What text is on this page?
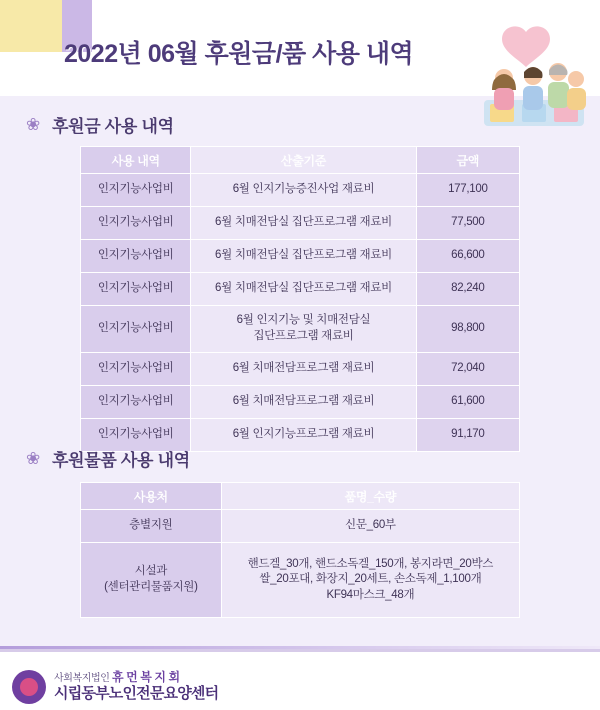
2022년 06월 후원금/품 사용 내역
❀ 후원금 사용 내역
사용 내역	산출기준	금액
인지기능사업비	6월 인지기능증진사업 재료비	177,100
인지기능사업비	6월 치매전담실 집단프로그램 재료비	77,500
인지기능사업비	6월 치매전담실 집단프로그램 재료비	66,600
인지기능사업비	6월 치매전담실 집단프로그램 재료비	82,240
인지기능사업비	6월 인지기능 및 치매전담실
집단프로그램 재료비	98,800
인지기능사업비	6월 치매전담프로그램 재료비	72,040
인지기능사업비	6월 치매전담프로그램 재료비	61,600
인지기능사업비	6월 인지기능프로그램 재료비	91,170
❀ 후원물품 사용 내역
사용처	품명_수량
층별지원	신문_60부
시설과
(센터관리물품지원)	핸드겔_30개, 핸드소독겔_150개, 봉지라면_20박스
쌀_20포대, 화장지_20세트, 손소독제_1,100개
KF94마스크_48개
사회복지법인 휴 먼 복 지 회
시립동부노인전문요양센터
